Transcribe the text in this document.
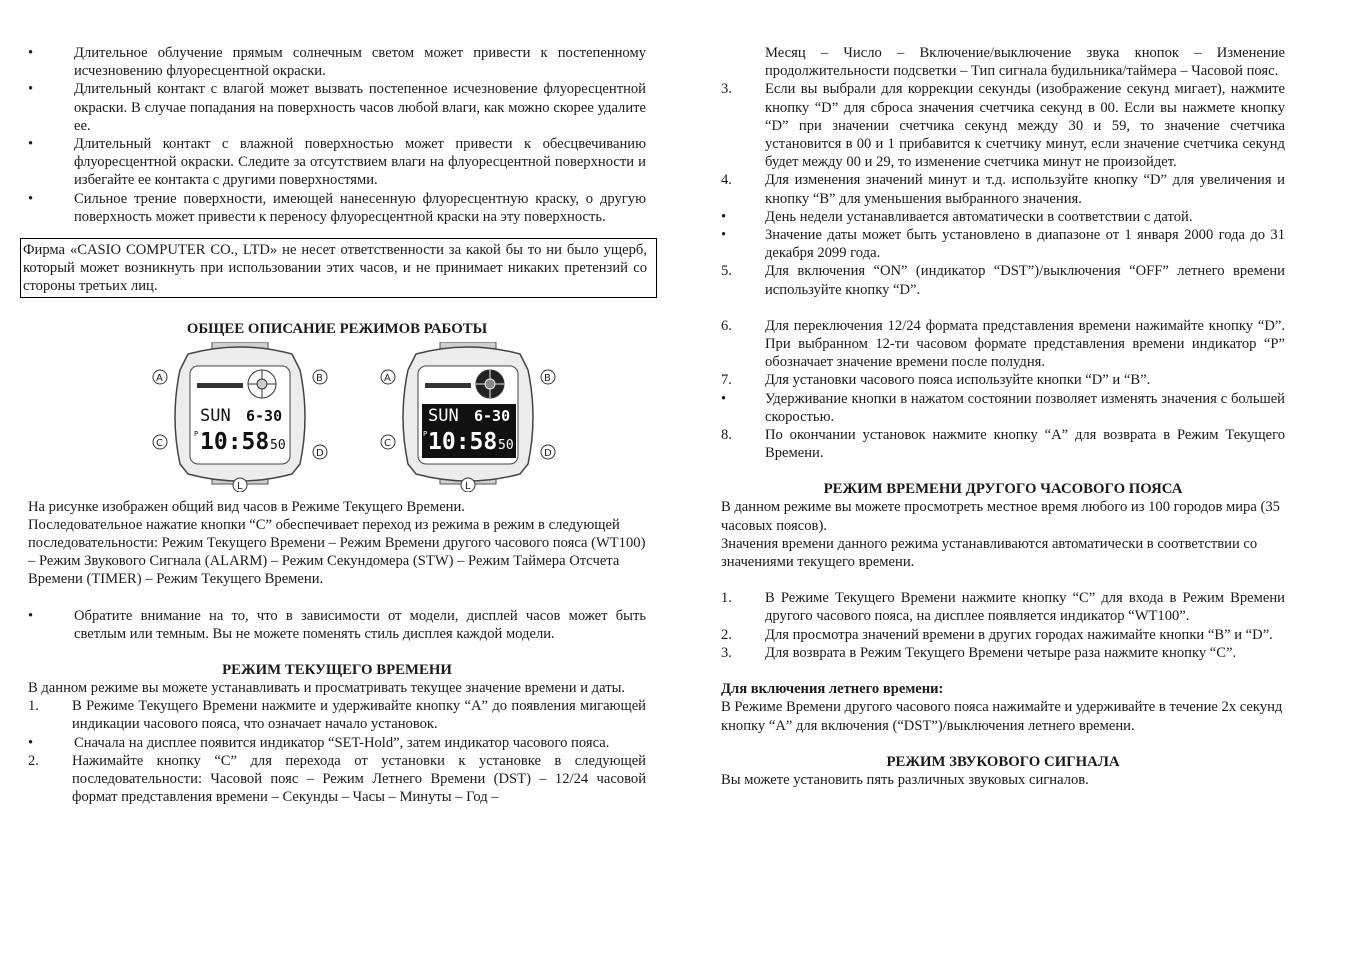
•	Длительное облучение прямым солнечным светом может привести к постепенному исчезновению флуоресцентной окраски.
•	Длительный контакт с влагой может вызвать постепенное исчезновение флуоресцентной окраски. В случае попадания на поверхность часов любой влаги, как можно скорее удалите ее.
•	Длительный контакт с влажной поверхностью может привести к обесцвечиванию флуоресцентной окраски. Следите за отсутствием влаги на флуоресцентной поверхности и избегайте ее контакта с другими поверхностями.
•	Сильное трение поверхности, имеющей нанесенную флуоресцентную краску, о другую поверхность может привести к переносу флуоресцентной краски на эту поверхность.

Фирма «CASIO COMPUTER CO., LTD» не несет ответственности за какой бы то ни было ущерб, который может возникнуть при использовании этих часов, и не принимает никаких претензий со стороны третьих лиц.

ОБЩЕЕ ОПИСАНИЕ РЕЖИМОВ РАБОТЫ
SUN 6-30
P 10:58 50
A	B
C
D
L
SUN 6-30
P 10:58 50
A	B
C
D
L

На рисунке изображен общий вид часов в Режиме Текущего Времени.

Последовательное нажатие кнопки “C” обеспечивает переход из режима в режим в следующей последовательности: Режим Текущего Времени – Режим Времени другого часового пояса (WT100) – Режим Звукового Сигнала (ALARM) – Режим Секундомера (STW) – Режим Таймера Отсчета Времени (TIMER) – Режим Текущего Времени.

•	Обратите внимание на то, что в зависимости от модели, дисплей часов может быть светлым или темным. Вы не можете поменять стиль дисплея каждой модели.
РЕЖИМ ТЕКУЩЕГО ВРЕМЕНИ

В данном режиме вы можете устанавливать и просматривать текущее значение времени и даты.

1.	В Режиме Текущего Времени нажмите и удерживайте кнопку “A” до появления мигающей индикации часового пояса, что означает начало установок.
•	Сначала на дисплее появится индикатор “SET-Hold”, затем индикатор часового пояса.
2.	Нажимайте кнопку “C” для перехода от установки к установке в следующей последовательности: Часовой пояс – Режим Летнего Времени (DST) – 12/24 часовой формат представления времени – Секунды – Часы – Минуты – Год –
Месяц – Число – Включение/выключение звука кнопок – Изменение продолжительности подсветки – Тип сигнала будильника/таймера – Часовой пояс.
3.	Если вы выбрали для коррекции секунды (изображение секунд мигает), нажмите кнопку “D” для сброса значения счетчика секунд в 00. Если вы нажмете кнопку “D” при значении счетчика секунд между 30 и 59, то значение счетчика установится в 00 и 1 прибавится к счетчику минут, если значение счетчика секунд будет между 00 и 29, то изменение счетчика минут не произойдет.
4.	Для изменения значений минут и т.д. используйте кнопку “D” для увеличения и кнопку “B” для уменьшения выбранного значения.
•	День недели устанавливается автоматически в соответствии с датой.
•	Значение даты может быть установлено в диапазоне от 1 января 2000 года до 31 декабря 2099 года.
5.	Для включения “ON” (индикатор “DST”)/выключения “OFF” летнего времени используйте кнопку “D”.
6.	Для переключения 12/24 формата представления времени нажимайте кнопку “D”. При выбранном 12-ти часовом формате представления времени индикатор “P” обозначает значение времени после полудня.
7.	Для установки часового пояса используйте кнопки “D” и “B”.
•	Удерживание кнопки в нажатом состоянии позволяет изменять значения с большей скоростью.
8.	По окончании установок нажмите кнопку “A” для возврата в Режим Текущего Времени.
РЕЖИМ ВРЕМЕНИ ДРУГОГО ЧАСОВОГО ПОЯСА

В данном режиме вы можете просмотреть местное время любого из 100 городов мира (35 часовых поясов).

Значения времени данного режима устанавливаются автоматически в соответствии со значениями текущего времени.

1.	В Режиме Текущего Времени нажмите кнопку “C” для входа в Режим Времени другого часового пояса, на дисплее появляется индикатор “WT100”.
2.	Для просмотра значений времени в других городах нажимайте кнопки “B” и “D”.
3.	Для возврата в Режим Текущего Времени четыре раза нажмите кнопку “C”.

Для включения летнего времени:

В Режиме Времени другого часового пояса нажимайте и удерживайте в течение 2х секунд кнопку “A” для включения (“DST”)/выключения летнего времени.

РЕЖИМ ЗВУКОВОГО СИГНАЛА

Вы можете установить пять различных звуковых сигналов.
